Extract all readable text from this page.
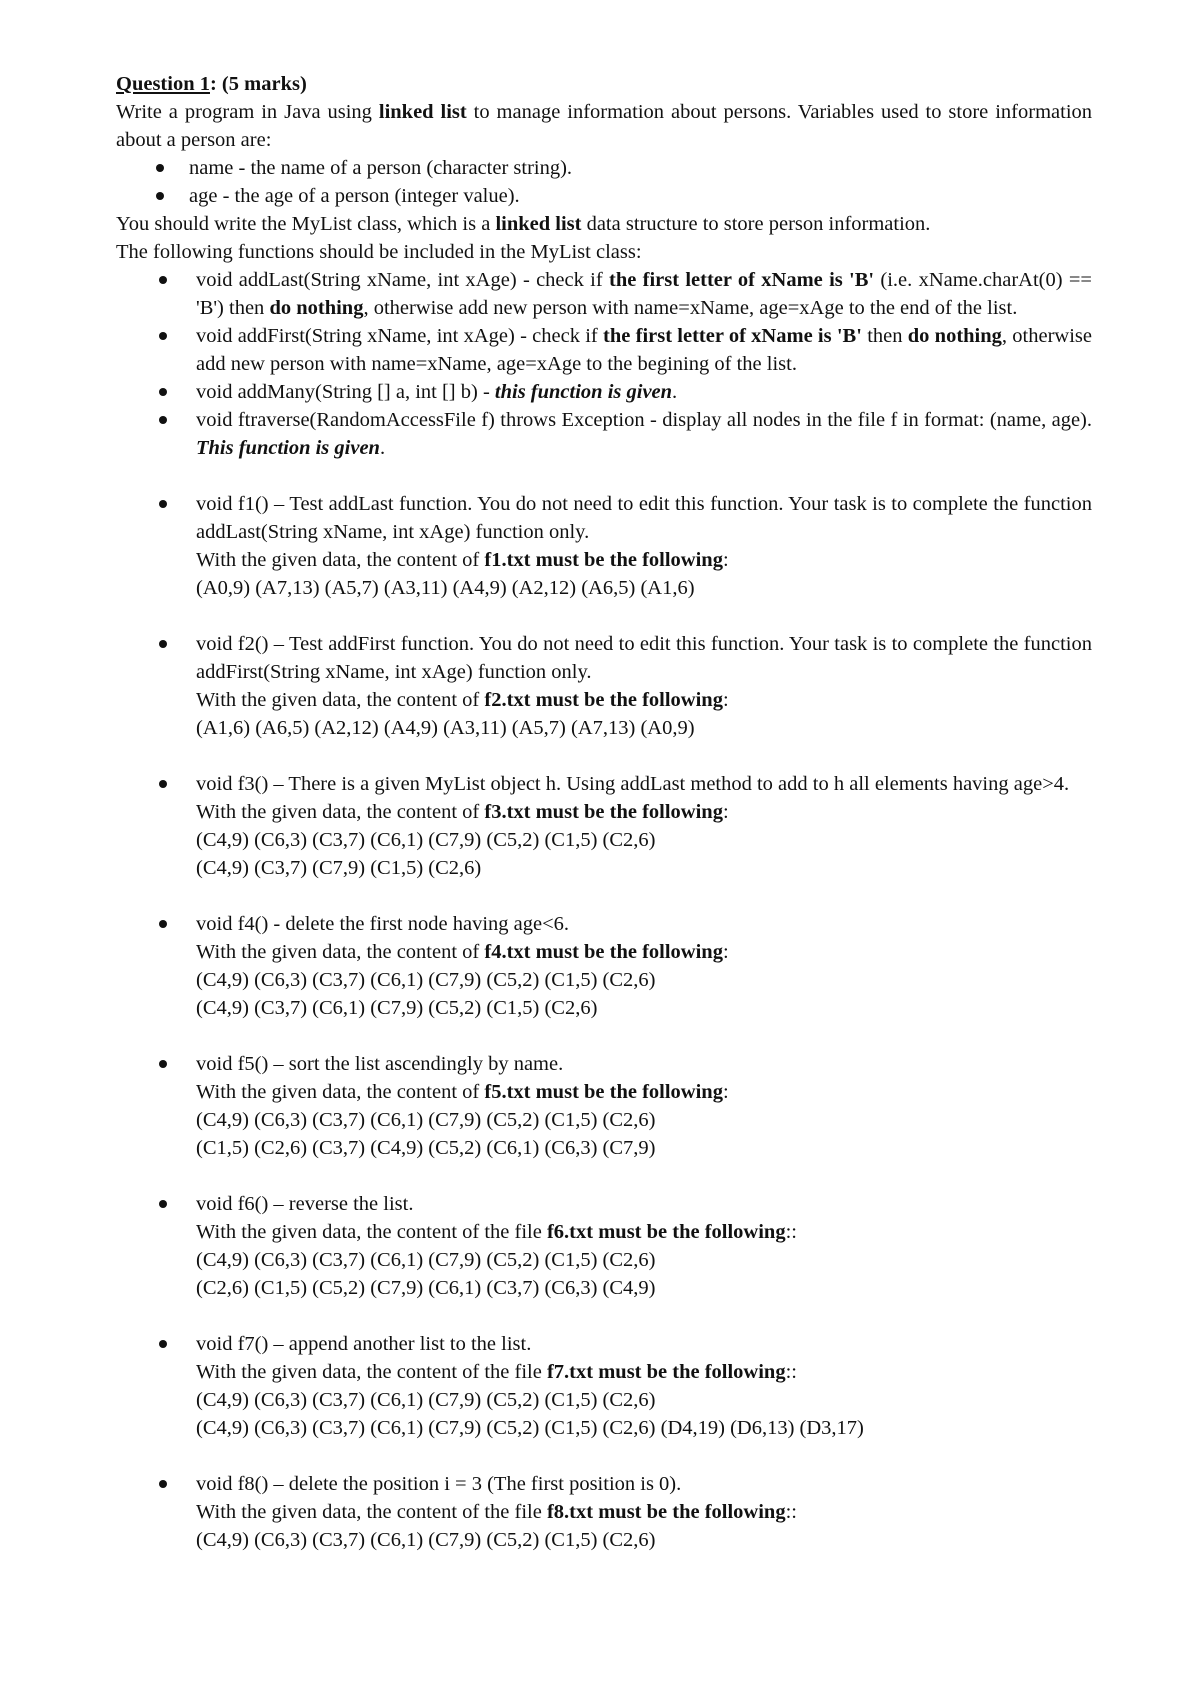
Question 1: (5 marks)

Write a program in Java using linked list to manage information about persons. Variables used to store information about a person are:

name - the name of a person (character string).
age - the age of a person (integer value).

You should write the MyList class, which is a linked list data structure to store person information.

The following functions should be included in the MyList class:

void addLast(String xName, int xAge) - check if the first letter of xName is 'B' (i.e. xName.charAt(0) == 'B') then do nothing, otherwise add new person with name=xName, age=xAge to the end of the list.
void addFirst(String xName, int xAge) - check if the first letter of xName is 'B' then do nothing, otherwise add new person with name=xName, age=xAge to the begining of the list.
void addMany(String [] a, int [] b) - this function is given.
void ftraverse(RandomAccessFile f) throws Exception - display all nodes in the file f in format: (name, age). This function is given.
void f1() – Test addLast function. You do not need to edit this function. Your task is to complete the function addLast(String xName, int xAge) function only.
With the given data, the content of f1.txt must be the following:
(A0,9) (A7,13) (A5,7) (A3,11) (A4,9) (A2,12) (A6,5) (A1,6)
void f2() – Test addFirst function. You do not need to edit this function. Your task is to complete the function addFirst(String xName, int xAge) function only.
With the given data, the content of f2.txt must be the following:
(A1,6) (A6,5) (A2,12) (A4,9) (A3,11) (A5,7) (A7,13) (A0,9)
void f3() – There is a given MyList object h. Using addLast method to add to h all elements having age>4.
With the given data, the content of f3.txt must be the following:
(C4,9) (C6,3) (C3,7) (C6,1) (C7,9) (C5,2) (C1,5) (C2,6)
(C4,9) (C3,7) (C7,9) (C1,5) (C2,6)
void f4() - delete the first node having age<6.
With the given data, the content of f4.txt must be the following:
(C4,9) (C6,3) (C3,7) (C6,1) (C7,9) (C5,2) (C1,5) (C2,6)
(C4,9) (C3,7) (C6,1) (C7,9) (C5,2) (C1,5) (C2,6)
void f5() – sort the list ascendingly by name.
With the given data, the content of f5.txt must be the following:
(C4,9) (C6,3) (C3,7) (C6,1) (C7,9) (C5,2) (C1,5) (C2,6)
(C1,5) (C2,6) (C3,7) (C4,9) (C5,2) (C6,1) (C6,3) (C7,9)
void f6() – reverse the list.
With the given data, the content of the file f6.txt must be the following::
(C4,9) (C6,3) (C3,7) (C6,1) (C7,9) (C5,2) (C1,5) (C2,6)
(C2,6) (C1,5) (C5,2) (C7,9) (C6,1) (C3,7) (C6,3) (C4,9)
void f7() – append another list to the list.
With the given data, the content of the file f7.txt must be the following::
(C4,9) (C6,3) (C3,7) (C6,1) (C7,9) (C5,2) (C1,5) (C2,6)
(C4,9) (C6,3) (C3,7) (C6,1) (C7,9) (C5,2) (C1,5) (C2,6) (D4,19) (D6,13) (D3,17)
void f8() – delete the position i = 3 (The first position is 0).
With the given data, the content of the file f8.txt must be the following::
(C4,9) (C6,3) (C3,7) (C6,1) (C7,9) (C5,2) (C1,5) (C2,6)
